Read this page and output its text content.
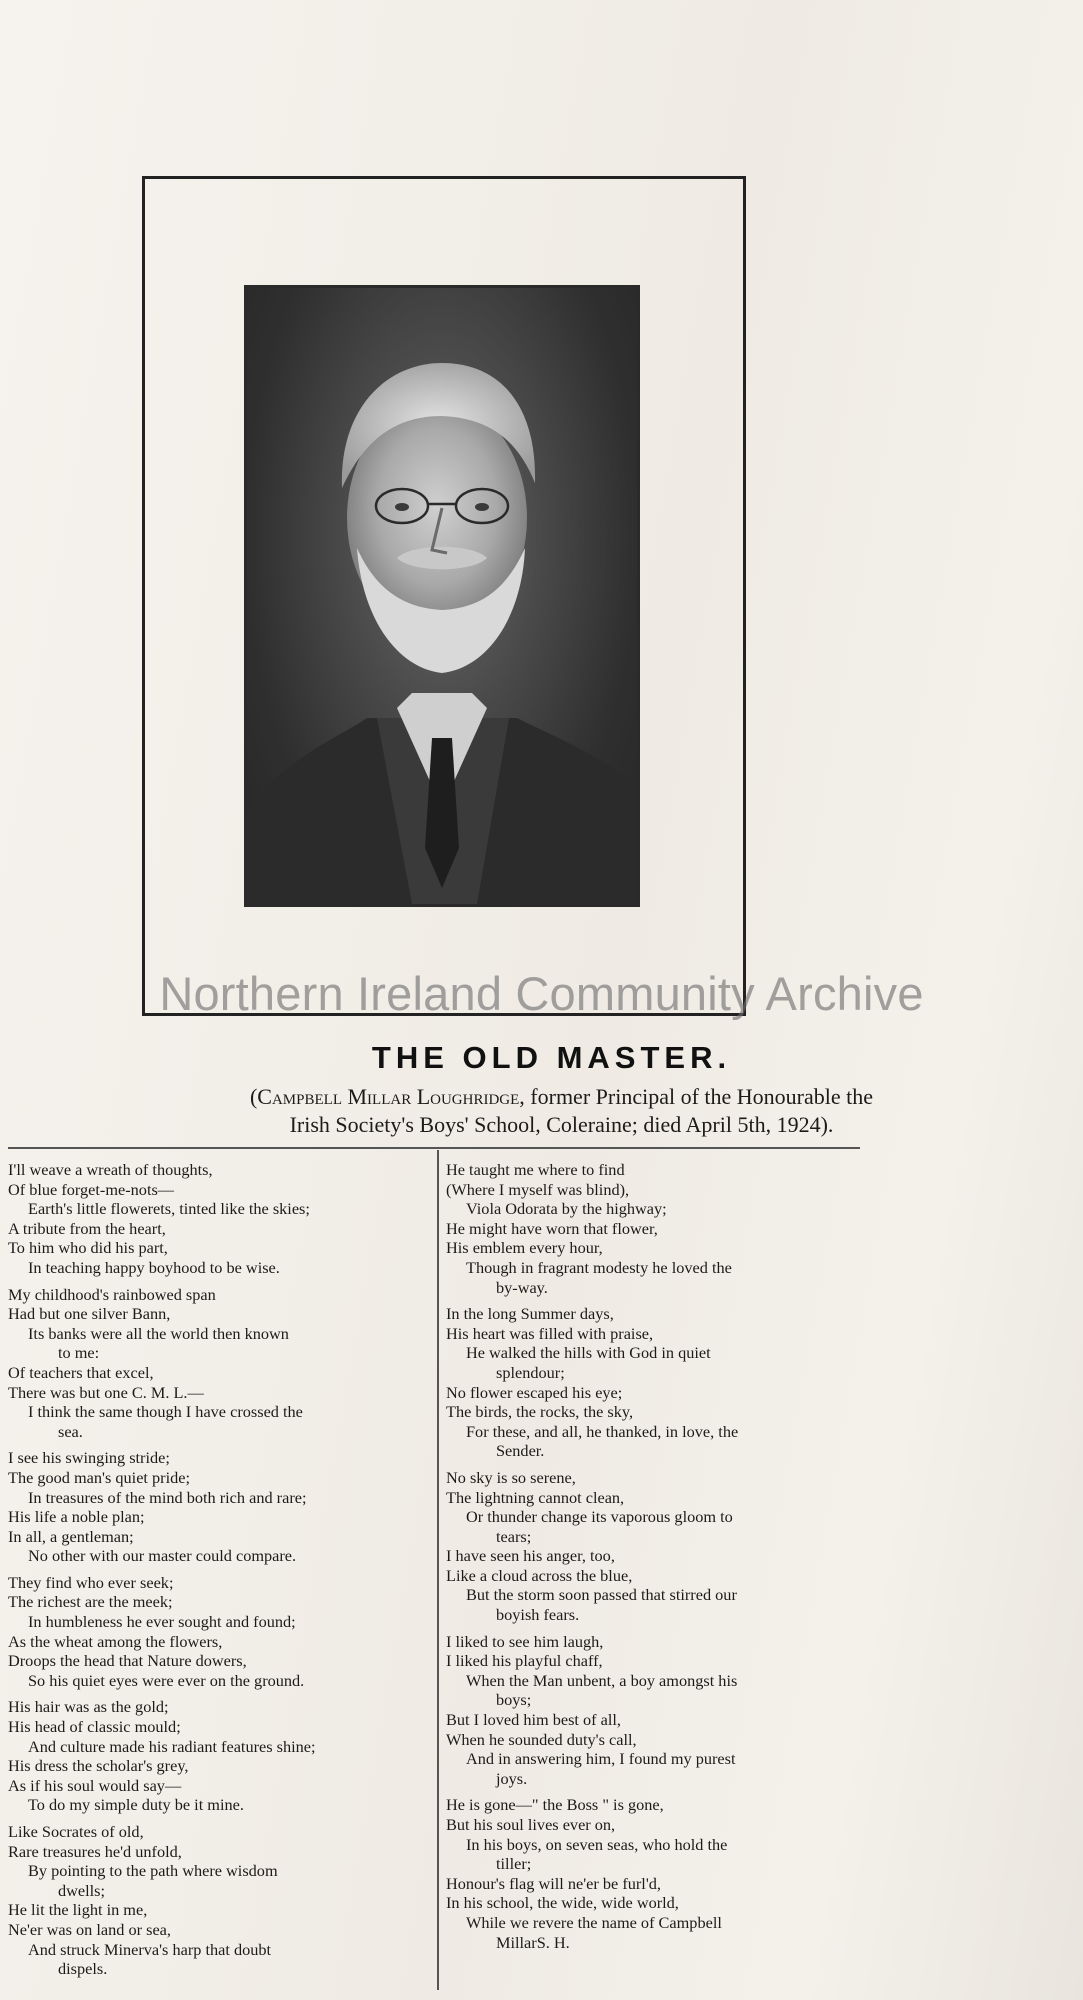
Northern Ireland Community Archive
THE OLD MASTER.
(Campbell Millar Loughridge, former Principal of the Honourable the
Irish Society's Boys' School, Coleraine; died April 5th, 1924).
I'll weave a wreath of thoughts,
Of blue forget-me-nots—
Earth's little flowerets, tinted like the skies;
A tribute from the heart,
To him who did his part,
In teaching happy boyhood to be wise.
My childhood's rainbowed span
Had but one silver Bann,
Its banks were all the world then known
to me:
Of teachers that excel,
There was but one C. M. L.—
I think the same though I have crossed the
sea.
I see his swinging stride;
The good man's quiet pride;
In treasures of the mind both rich and rare;
His life a noble plan;
In all, a gentleman;
No other with our master could compare.
They find who ever seek;
The richest are the meek;
In humbleness he ever sought and found;
As the wheat among the flowers,
Droops the head that Nature dowers,
So his quiet eyes were ever on the ground.
His hair was as the gold;
His head of classic mould;
And culture made his radiant features shine;
His dress the scholar's grey,
As if his soul would say—
To do my simple duty be it mine.
Like Socrates of old,
Rare treasures he'd unfold,
By pointing to the path where wisdom
dwells;
He lit the light in me,
Ne'er was on land or sea,
And struck Minerva's harp that doubt
dispels.
He taught me where to find
(Where I myself was blind),
Viola Odorata by the highway;
He might have worn that flower,
His emblem every hour,
Though in fragrant modesty he loved the
by-way.
In the long Summer days,
His heart was filled with praise,
He walked the hills with God in quiet
splendour;
No flower escaped his eye;
The birds, the rocks, the sky,
For these, and all, he thanked, in love, the
Sender.
No sky is so serene,
The lightning cannot clean,
Or thunder change its vaporous gloom to
tears;
I have seen his anger, too,
Like a cloud across the blue,
But the storm soon passed that stirred our
boyish fears.
I liked to see him laugh,
I liked his playful chaff,
When the Man unbent, a boy amongst his
boys;
But I loved him best of all,
When he sounded duty's call,
And in answering him, I found my purest
joys.
He is gone—" the Boss " is gone,
But his soul lives ever on,
In his boys, on seven seas, who hold the
tiller;
Honour's flag will ne'er be furl'd,
In his school, the wide, wide world,
While we revere the name of Campbell
MillarS. H.
